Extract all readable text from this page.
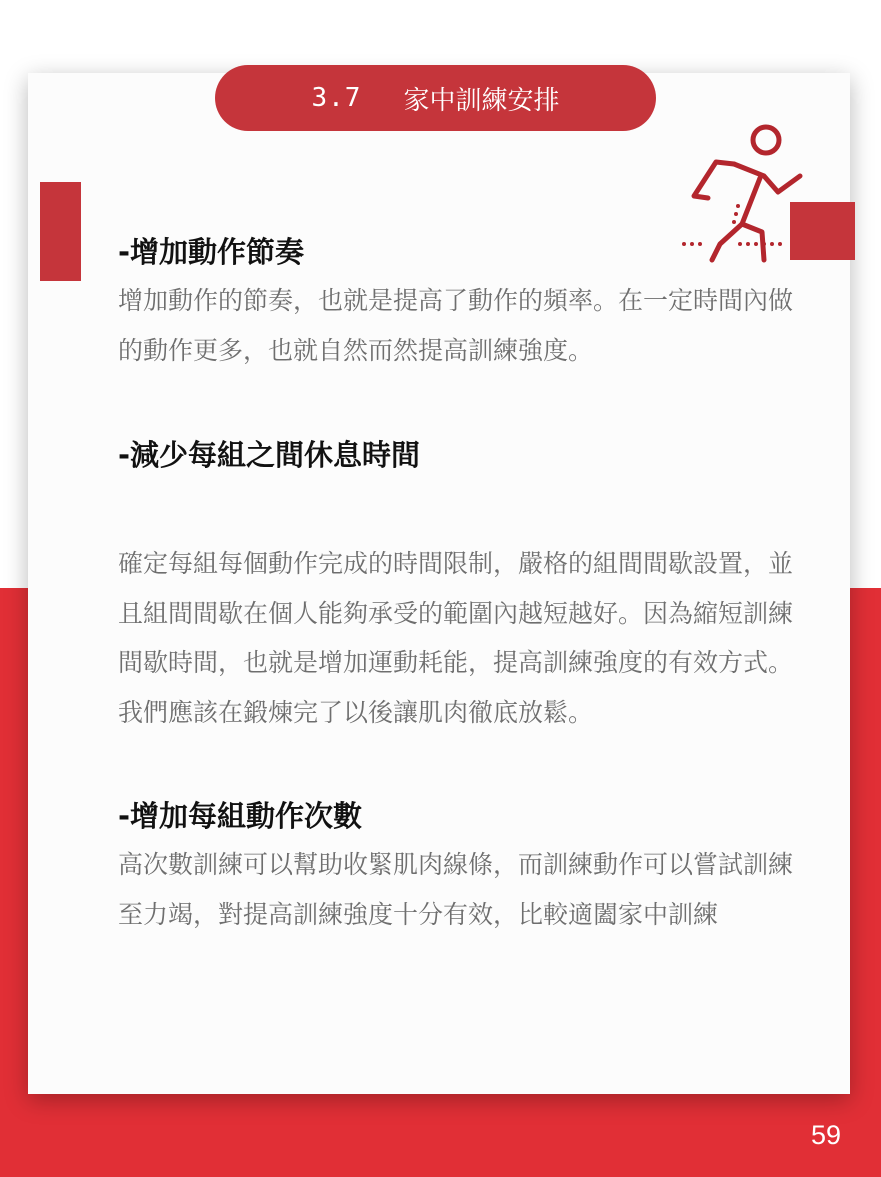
3.7 家中訓練安排
-增加動作節奏

增加動作的節奏，也就是提高了動作的頻率。在一定時間內做的動作更多，也就自然而然提高訓練強度。

-減少每組之間休息時間

確定每組每個動作完成的時間限制，嚴格的組間間歇設置，並且組間間歇在個人能夠承受的範圍內越短越好。因為縮短訓練間歇時間，也就是增加運動耗能，提高訓練強度的有效方式。我們應該在鍛煉完了以後讓肌肉徹底放鬆。

-增加每組動作次數

高次數訓練可以幫助收緊肌肉線條，而訓練動作可以嘗試訓練至力竭，對提高訓練強度十分有效，比較適闔家中訓練

59
